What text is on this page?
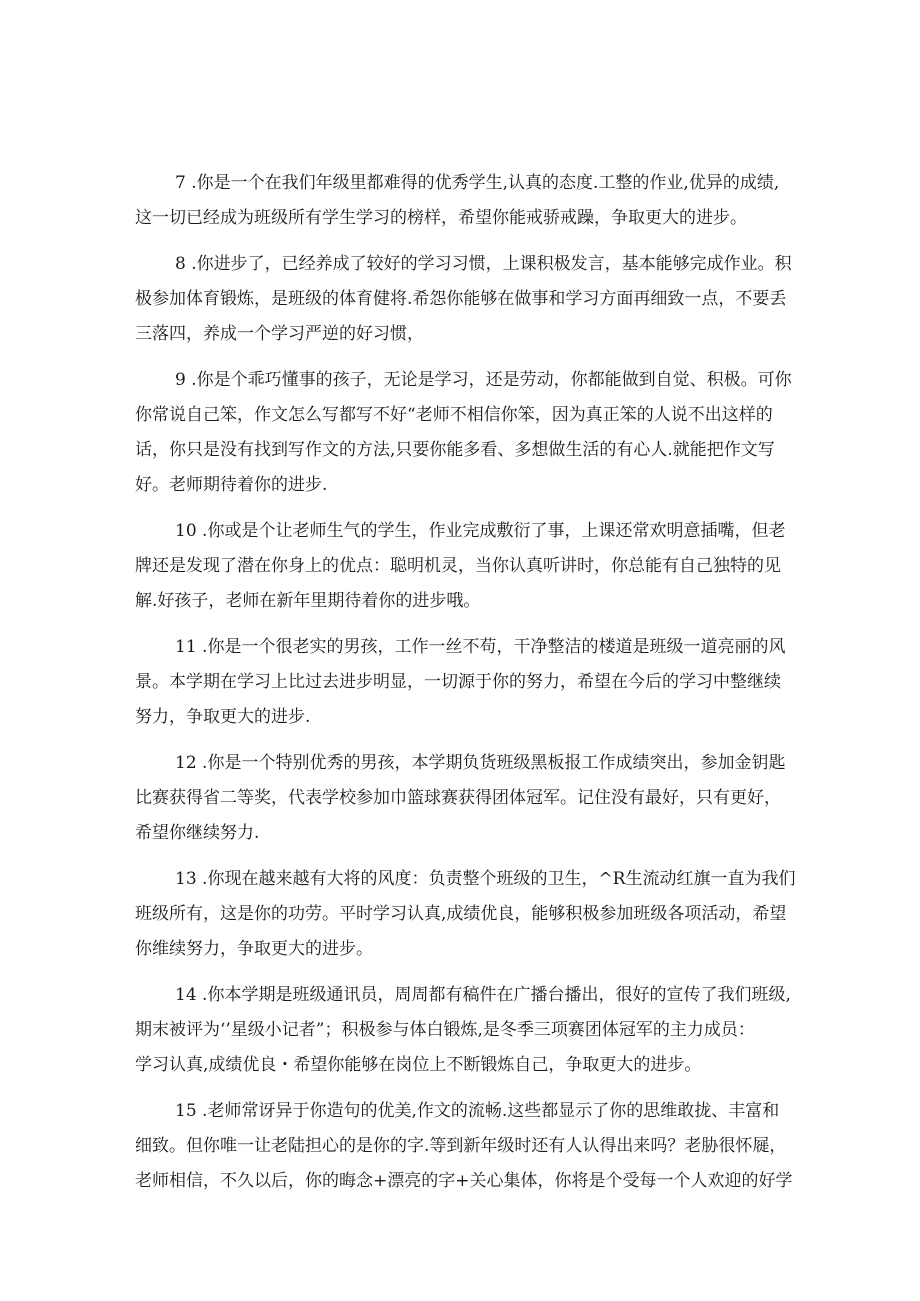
7 .你是一个在我们年级里都难得的优秀学生,认真的态度.工整的作业,优异的成绩,
这一切已经成为班级所有学生学习的榜样，希望你能戒骄戒躁，争取更大的进步。
8 .你进步了，已经养成了较好的学习习惯，上课积极发言，基本能够完成作业。积
极参加体育锻炼，是班级的体育健将.希怨你能够在做事和学习方面再细致一点，不要丢
三落四，养成一个学习严逆的好习惯，
9 .你是个乖巧懂事的孩子，无论是学习，还是劳动，你都能做到自觉、积极。可你
你常说自己笨，作文怎么写都写不好“老师不相信你笨，因为真正笨的人说不出这样的
话，你只是没有找到写作文的方法,只要你能多看、多想做生活的有心人.就能把作文写
好。老师期待着你的进步.
10 .你或是个让老师生气的学生，作业完成敷衍了事，上课还常欢明意插嘴，但老
牌还是发现了潜在你身上的优点：聪明机灵，当你认真听讲时，你总能有自己独特的见
解.好孩子，老师在新年里期待着你的进步哦。
11 .你是一个很老实的男孩，工作一丝不苟，干净整洁的楼道是班级一道亮丽的风
景。本学期在学习上比过去进步明显，一切源于你的努力，希望在今后的学习中整继续
努力，争取更大的进步.
12 .你是一个特别优秀的男孩，本学期负货班级黑板报工作成绩突出，参加金钥匙
比赛获得省二等奖，代表学校参加巾篮球赛获得团体冠军。记住没有最好，只有更好，
希望你继续努力.
13 .你现在越来越有大将的风度：负责整个班级的卫生，^R生流动红旗一直为我们
班级所有，这是你的功劳。平时学习认真,成绩优良，能够积极参加班级各项活动，希望
你维续努力，争取更大的进步。
14 .你本学期是班级通讯员，周周都有稿件在广播台播出，很好的宣传了我们班级,
期末被评为‘’星级小记者”；积极参与体白锻炼,是冬季三项赛团体冠军的主力成员：
学习认真,成绩优良・希望你能够在岗位上不断锻炼自己，争取更大的进步。
15 .老师常讶异于你造句的优美,作文的流畅.这些都显示了你的思维敢拢、丰富和
细致。但你唯一让老陆担心的是你的字.等到新年级时还有人认得出来吗？老胁很怀屣，
老师相信，不久以后，你的晦念+漂亮的字+关心集体，你将是个受每一个人欢迎的好学
